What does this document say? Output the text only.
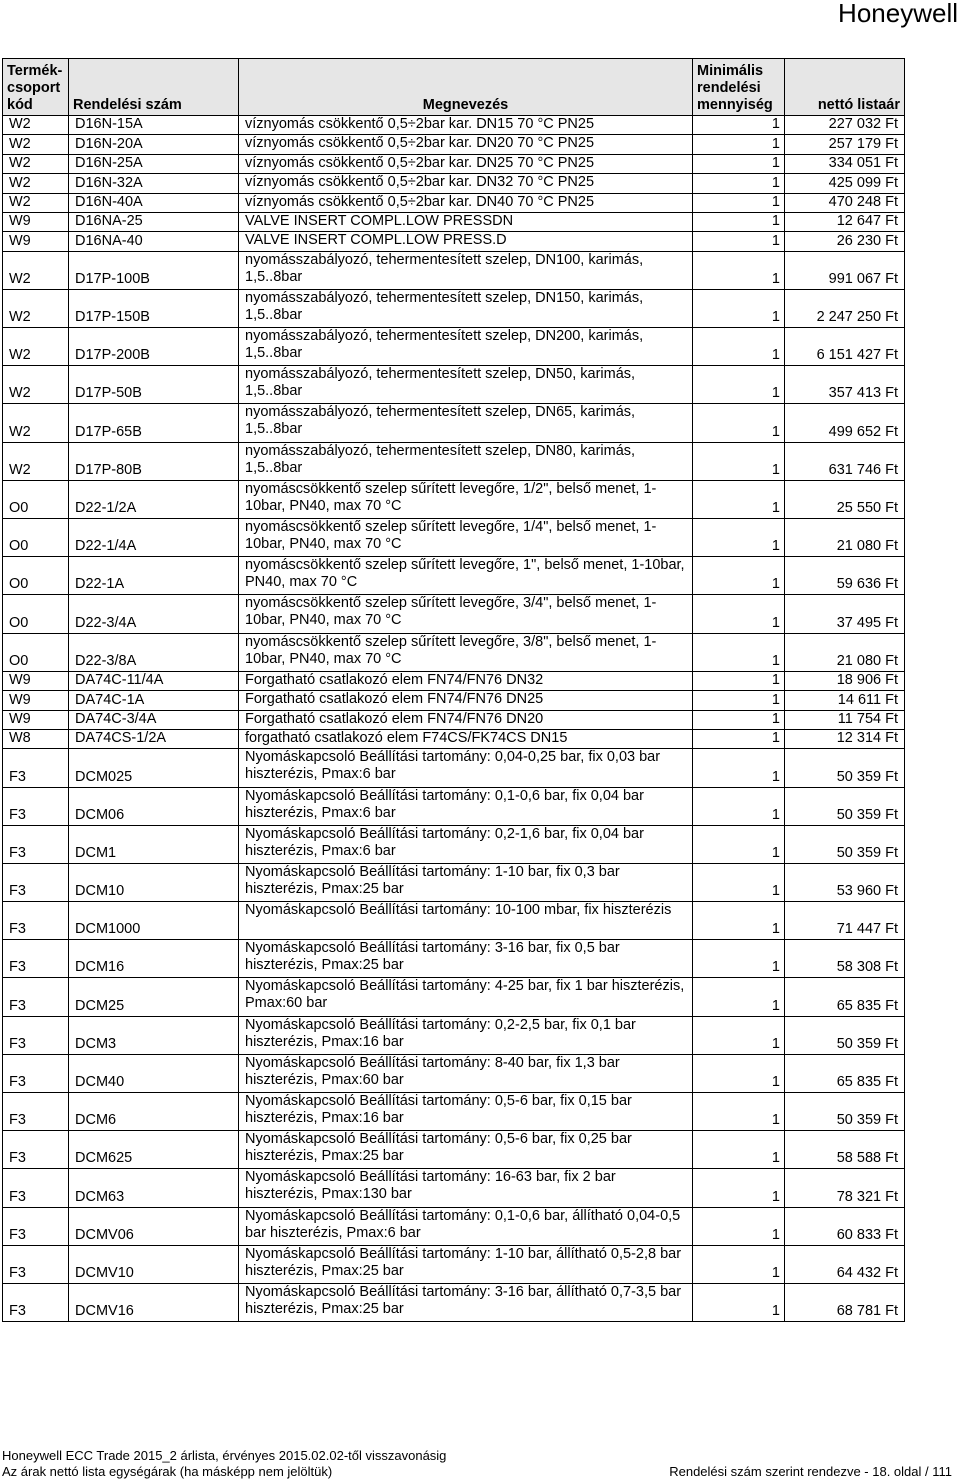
Honeywell
Termék-csoport kód	Rendelési szám	Megnevezés	Minimális rendelési mennyiség	nettó listaár
W2	D16N-15A	víznyomás csökkentő 0,5÷2bar kar. DN15 70 °C PN25	1	227 032 Ft
W2	D16N-20A	víznyomás csökkentő 0,5÷2bar kar. DN20 70 °C PN25	1	257 179 Ft
W2	D16N-25A	víznyomás csökkentő 0,5÷2bar kar. DN25 70 °C PN25	1	334 051 Ft
W2	D16N-32A	víznyomás csökkentő 0,5÷2bar kar. DN32 70 °C PN25	1	425 099 Ft
W2	D16N-40A	víznyomás csökkentő 0,5÷2bar kar. DN40 70 °C PN25	1	470 248 Ft
W9	D16NA-25	VALVE INSERT COMPL.LOW PRESSDN	1	12 647 Ft
W9	D16NA-40	VALVE INSERT COMPL.LOW PRESS.D	1	26 230 Ft
W2	D17P-100B	nyomásszabályozó, tehermentesített szelep, DN100, karimás, 1,5..8bar	1	991 067 Ft
W2	D17P-150B	nyomásszabályozó, tehermentesített szelep, DN150, karimás, 1,5..8bar	1	2 247 250 Ft
W2	D17P-200B	nyomásszabályozó, tehermentesített szelep, DN200, karimás, 1,5..8bar	1	6 151 427 Ft
W2	D17P-50B	nyomásszabályozó, tehermentesített szelep, DN50, karimás, 1,5..8bar	1	357 413 Ft
W2	D17P-65B	nyomásszabályozó, tehermentesített szelep, DN65, karimás, 1,5..8bar	1	499 652 Ft
W2	D17P-80B	nyomásszabályozó, tehermentesített szelep, DN80, karimás, 1,5..8bar	1	631 746 Ft
O0	D22-1/2A	nyomáscsökkentő szelep sűrített levegőre, 1/2", belső menet, 1-10bar, PN40, max 70 °C	1	25 550 Ft
O0	D22-1/4A	nyomáscsökkentő szelep sűrített levegőre, 1/4", belső menet, 1-10bar, PN40, max 70 °C	1	21 080 Ft
O0	D22-1A	nyomáscsökkentő szelep sűrített levegőre, 1", belső menet, 1-10bar, PN40, max 70 °C	1	59 636 Ft
O0	D22-3/4A	nyomáscsökkentő szelep sűrített levegőre, 3/4", belső menet, 1-10bar, PN40, max 70 °C	1	37 495 Ft
O0	D22-3/8A	nyomáscsökkentő szelep sűrített levegőre, 3/8", belső menet, 1-10bar, PN40, max 70 °C	1	21 080 Ft
W9	DA74C-11/4A	Forgatható csatlakozó elem FN74/FN76 DN32	1	18 906 Ft
W9	DA74C-1A	Forgatható csatlakozó elem FN74/FN76 DN25	1	14 611 Ft
W9	DA74C-3/4A	Forgatható csatlakozó elem FN74/FN76 DN20	1	11 754 Ft
W8	DA74CS-1/2A	forgatható csatlakozó elem F74CS/FK74CS DN15	1	12 314 Ft
F3	DCM025	Nyomáskapcsoló Beállítási tartomány: 0,04-0,25 bar, fix 0,03 bar hiszterézis, Pmax:6 bar	1	50 359 Ft
F3	DCM06	Nyomáskapcsoló Beállítási tartomány: 0,1-0,6 bar, fix 0,04 bar hiszterézis, Pmax:6 bar	1	50 359 Ft
F3	DCM1	Nyomáskapcsoló Beállítási tartomány: 0,2-1,6 bar, fix 0,04 bar hiszterézis, Pmax:6 bar	1	50 359 Ft
F3	DCM10	Nyomáskapcsoló Beállítási tartomány: 1-10 bar, fix 0,3 bar hiszterézis, Pmax:25 bar	1	53 960 Ft
F3	DCM1000	Nyomáskapcsoló Beállítási tartomány: 10-100 mbar, fix hiszterézis	1	71 447 Ft
F3	DCM16	Nyomáskapcsoló Beállítási tartomány: 3-16 bar, fix 0,5 bar hiszterézis, Pmax:25 bar	1	58 308 Ft
F3	DCM25	Nyomáskapcsoló Beállítási tartomány: 4-25 bar, fix 1 bar hiszterézis, Pmax:60 bar	1	65 835 Ft
F3	DCM3	Nyomáskapcsoló Beállítási tartomány: 0,2-2,5 bar, fix 0,1 bar hiszterézis, Pmax:16 bar	1	50 359 Ft
F3	DCM40	Nyomáskapcsoló Beállítási tartomány: 8-40 bar, fix 1,3 bar hiszterézis, Pmax:60 bar	1	65 835 Ft
F3	DCM6	Nyomáskapcsoló Beállítási tartomány: 0,5-6 bar, fix 0,15 bar hiszterézis, Pmax:16 bar	1	50 359 Ft
F3	DCM625	Nyomáskapcsoló Beállítási tartomány: 0,5-6 bar, fix 0,25 bar hiszterézis, Pmax:25 bar	1	58 588 Ft
F3	DCM63	Nyomáskapcsoló Beállítási tartomány: 16-63 bar, fix 2 bar hiszterézis, Pmax:130 bar	1	78 321 Ft
F3	DCMV06	Nyomáskapcsoló Beállítási tartomány: 0,1-0,6 bar, állítható 0,04-0,5 bar hiszterézis, Pmax:6 bar	1	60 833 Ft
F3	DCMV10	Nyomáskapcsoló Beállítási tartomány: 1-10 bar, állítható 0,5-2,8 bar hiszterézis, Pmax:25 bar	1	64 432 Ft
F3	DCMV16	Nyomáskapcsoló Beállítási tartomány: 3-16 bar, állítható 0,7-3,5 bar hiszterézis, Pmax:25 bar	1	68 781 Ft
Honeywell ECC Trade 2015_2 árlista, érvényes 2015.02.02-től visszavonásig
Az árak nettó lista egységárak (ha másképp nem jelöltük)	Rendelési szám szerint rendezve - 18. oldal / 111
